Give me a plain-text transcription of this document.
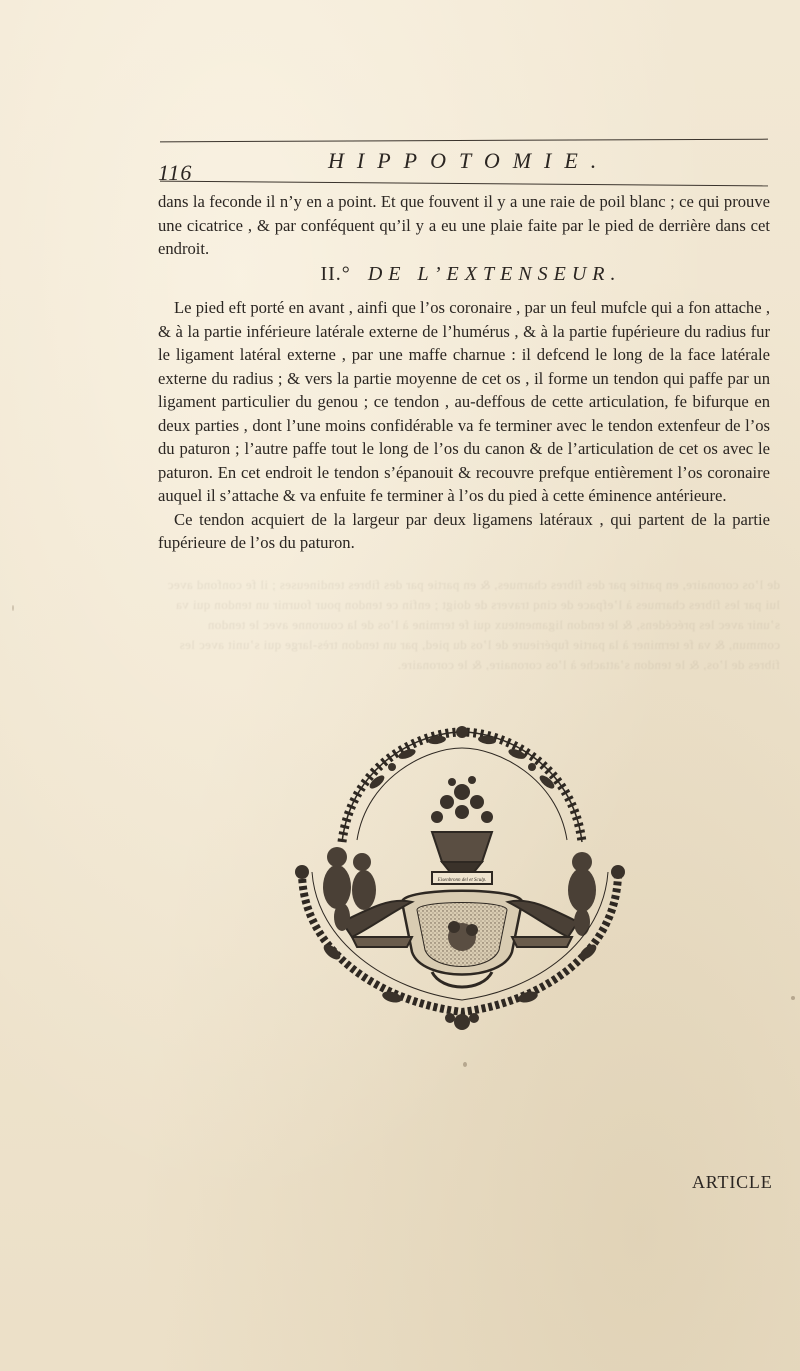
de l’os coronaire, en partie par des fibres charnues, & en partie par des fibres tendineuses ; il fe confond avec lui par les fibres charnues à l’efpace de cinq travers de doigt ; enfin ce tendon pour fournir un tendon qui va s’unir avec les précédens, & le tendon ligamenteux qui fe termine à l’os de la couronne avec le tendon commun, & va fe terminer à la partie fupérieure de l’os du pied, par un tendon très-large qui s’unit avec les fibres de l’os, & le tendon s’attache à l’os coronaire, & le coronaire.
116	HIPPOTOMIE.

dans la feconde il n’y en a point. Et que fouvent il y a une raie de poil blanc ; ce qui prouve une cicatrice , & par conféquent qu’il y a eu une plaie faite par le pied de derrière dans cet endroit.

II.° DE L’EXTENSEUR.

Le pied eft porté en avant , ainfi que l’os coronaire , par un feul mufcle qui a fon attache , & à la partie inférieure latérale externe de l’humérus , & à la partie fupérieure du radius fur le ligament latéral externe , par une maffe charnue : il defcend le long de la face latérale externe du radius ; & vers la partie moyenne de cet os , il forme un tendon qui paffe par un ligament particulier du genou ; ce tendon , au-deffous de cette articulation, fe bifurque en deux parties , dont l’une moins confidérable va fe terminer avec le tendon extenfeur de l’os du paturon ; l’autre paffe tout le long de l’os du canon & de l’articulation de cet os avec le paturon. En cet endroit le tendon s’épanouit & recouvre prefque entièrement l’os coronaire auquel il s’attache & va enfuite fe terminer à l’os du pied à cette éminence antérieure.

Ce tendon acquiert de la largeur par deux ligamens latéraux , qui partent de la partie fupérieure de l’os du paturon.

Eisenbronn del et Sculp.
ARTICLE
